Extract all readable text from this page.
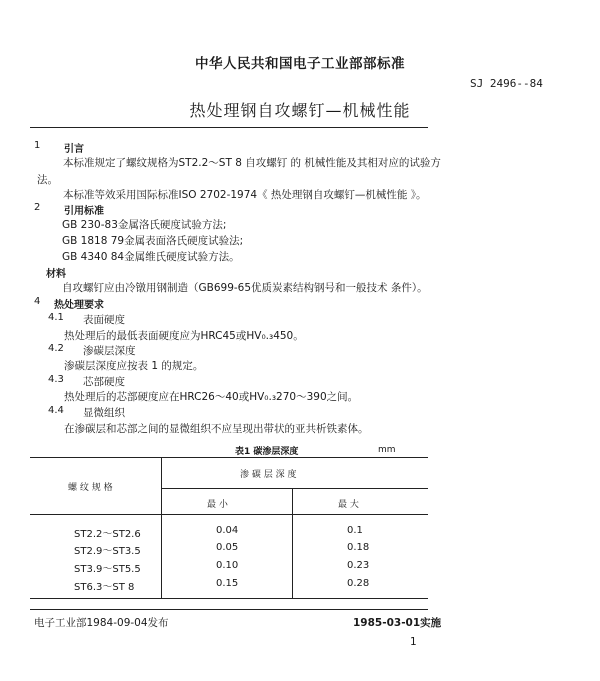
中华人民共和国电子工业部部标准
SJ 2496--84
热处理钢自攻螺钉—机械性能
1 引言
本标准规定了螺纹规格为ST2.2～ST 8 自攻螺钉 的 机械性能及其相对应的试验方
法。
本标准等效采用国际标准ISO 2702-1974《 热处理钢自攻螺钉—机械性能 》。
2 引用标准
GB 230-83金属洛氏硬度试验方法;
GB 1818 79金属表面洛氏硬度试验法;
GB 4340 84金属维氏硬度试验方法。
材料
自攻螺钉应由冷镦用钢制造（GB699-65优质炭素结构钢号和一般技术 条件）。
4 热处理要求
4.1 表面硬度
热处理后的最低表面硬度应为HRC45或HV₀.₃450。
4.2 渗碳层深度
渗碳层深度应按表 1 的规定。
4.3 芯部硬度
热处理后的芯部硬度应在HRC26～40或HV₀.₃270～390之间。
4.4 显微组织
在渗碳层和芯部之间的显微组织不应呈现出带状的亚共析铁素体。
表1 碳渗层深度	mm
螺 纹 规 格
渗 碳 层 深 度
最 小	最 大
ST2.2～ST2.6	0.04	0.1
ST2.9～ST3.5	0.05	0.18
ST3.9～ST5.5	0.10	0.23
ST6.3～ST 8	0.15	0.28
电子工业部1984-09-04发布	1985-03-01实施
1
